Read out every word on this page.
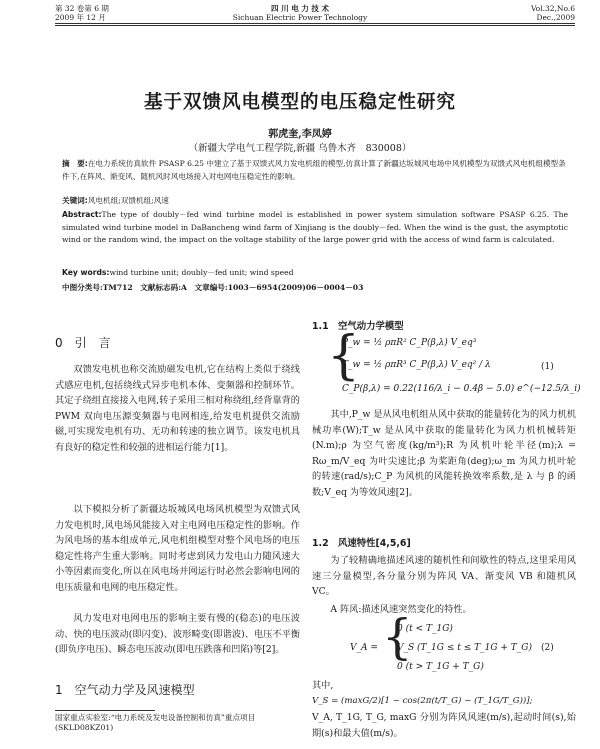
第 32 卷第 6 期
2009 年 12 月
四 川 电 力 技 术
Sichuan Electric Power Technology
Vol.32,No.6
Dec.,2009
基于双馈风电模型的电压稳定性研究
郭虎奎,李凤婷
（新疆大学电气工程学院,新疆 乌鲁木齐　830008）
摘　要:在电力系统仿真软件 PSASP 6.25 中建立了基于双馈式风力发电机组的模型,仿真计算了新疆达坂城风电场中风机模型为双馈式风电机组模型条件下,在阵风、渐变风、随机风时风电场接入对电网电压稳定性的影响。
关键词:风电机组;双馈机组;风速
Abstract:The type of doubly－fed wind turbine model is established in power system simulation software PSASP 6.25. The simulated wind turbine model in DaBancheng wind farm of Xinjiang is the doubly－fed. When the wind is the gust, the asymptotic wind or the random wind, the impact on the voltage stability of the large power grid with the access of wind farm is calculated.
Key words:wind turbine unit; doubly－fed unit; wind speed
中图分类号:TM712　文献标志码:A　文章编号:1003－6954(2009)06－0004－03
0　引　言
双馈发电机也称交流励磁发电机,它在结构上类似于绕线式感应电机,包括绕线式异步电机本体、变频器和控制环节。其定子绕组直接接入电网,转子采用三相对称绕组,经背靠背的 PWM 双向电压源变频器与电网相连,给发电机提供交流励磁,可实现发电机有功、无功和转速的独立调节。该发电机具有良好的稳定性和较强的进相运行能力[1]。
以下模拟分析了新疆达坂城风电场风机模型为双馈式风力发电机时,风电场风能接入对主电网电压稳定性的影响。作为风电场的基本组成单元,风电机组模型对整个风电场的电压稳定性将产生重大影响。同时考虑到风力发电山力随风速大小等因素而变化,所以在风电场并网运行时必然会影响电网的电压质量和电网的电压稳定性。
风力发电对电网电压的影响主要有慢的(稳态)的电压波动、快的电压波动(即闪变)、波形畸变(即谐波)、电压不平衡(即负序电压)、瞬态电压波动(即电压跌落和凹陷)等[2]。
1　空气动力学及风速模型
国家重点实验室:“电力系统及发电设备控制和仿真”重点项目(SKLD08KZ01)
1.1　空气动力学模型
{
P_w = ½ ρπR² C_P(β,λ) V_eq³
T_w = ½ ρπR³ C_P(β,λ) V_eq² / λ
C_P(β,λ) = 0.22(116/λ_i − 0.4β − 5.0) e^(−12.5/λ_i)
(1)
其中,P_w 是从风电机组从风中获取的能量转化为的风力机机械功率(W);T_w 是从风中获取的能量转化为风力机机械转矩(N.m);ρ 为空气密度(kg/m³);R 为风机叶轮半径(m);λ = Rω_m/V_eq 为叶尖速比;β 为桨距角(deg);ω_m 为风力机叶轮的转速(rad/s);C_P 为风机的风能转换效率系数,是 λ 与 β 的函数;V_eq 为等效风速[2]。
1.2　风速特性[4,5,6]
为了较精确地描述风速的随机性和间歇性的特点,这里采用风速三分量模型,各分量分别为阵风 VA、渐变风 VB 和随机风 VC。
A 阵风:描述风速突然变化的特性。
V_A = {
0 (t < T_1G)
V_S (T_1G ≤ t ≤ T_1G + T_G)
0 (t > T_1G + T_G)
(2)
其中,
V_S = (maxG/2)[1 − cos(2π(t/T_G) − (T_1G/T_G))];
V_A, T_1G, T_G, maxG 分别为阵风风速(m/s),起动时间(s),始期(s)和最大值(m/s)。
